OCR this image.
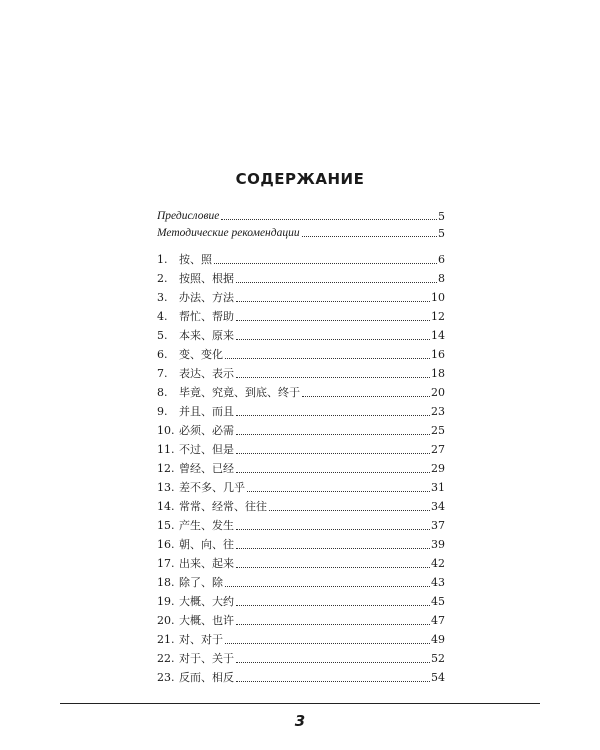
СОДЕРЖАНИЕ
Предисловие	5
Методические рекомендации	5
1.	按、照	6
2.	按照、根据	8
3.	办法、方法	10
4.	帮忙、帮助	12
5.	本来、原来	14
6.	变、变化	16
7.	表达、表示	18
8.	毕竟、究竟、到底、终于	20
9.	并且、而且	23
10. 必须、必需	25
11. 不过、但是	27
12. 曾经、已经	29
13. 差不多、几乎	31
14. 常常、经常、往往	34
15. 产生、发生	37
16. 朝、向、往	39
17. 出来、起来	42
18. 除了、除	43
19. 大概、大约	45
20. 大概、也许	47
21. 对、对于	49
22. 对于、关于	52
23. 反而、相反	54
3
